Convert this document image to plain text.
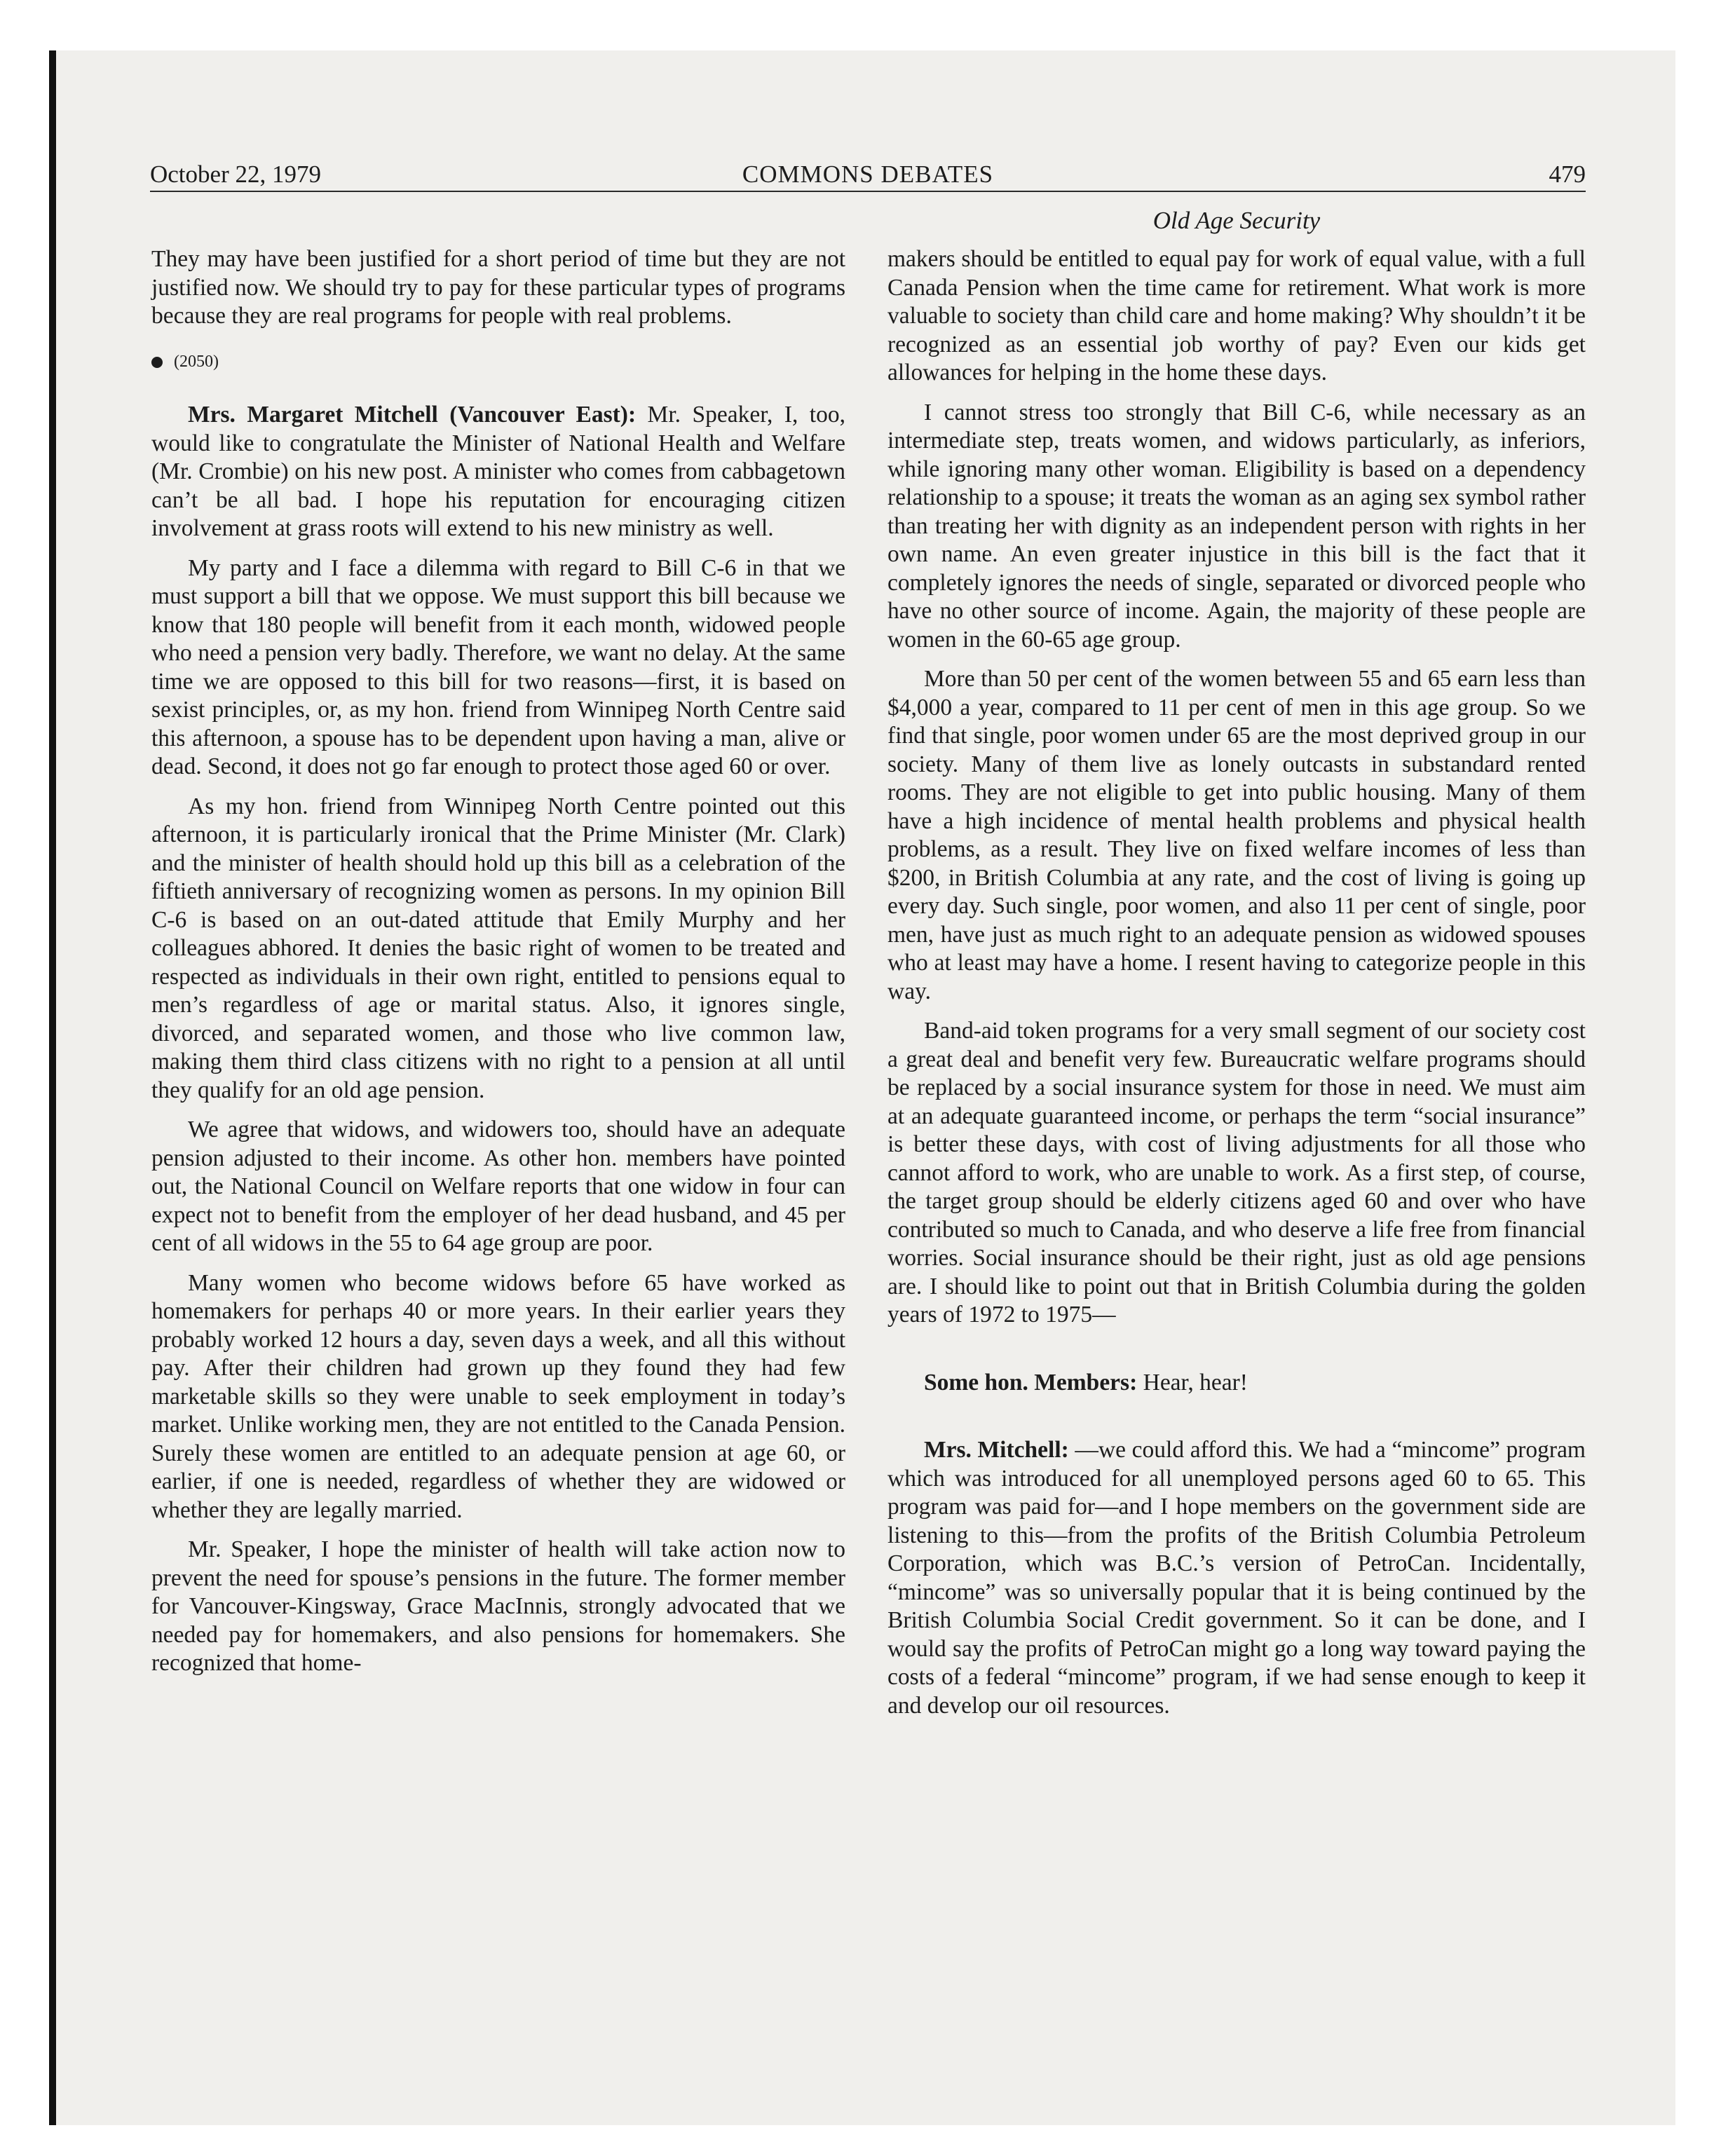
October 22, 1979	COMMONS DEBATES	479
Old Age Security

They may have been justified for a short period of time but they are not justified now. We should try to pay for these particular types of programs because they are real programs for people with real problems.

(2050)

Mrs. Margaret Mitchell (Vancouver East): Mr. Speaker, I, too, would like to congratulate the Minister of National Health and Welfare (Mr. Crombie) on his new post. A minister who comes from cabbagetown can’t be all bad. I hope his reputation for encouraging citizen involvement at grass roots will extend to his new ministry as well.

My party and I face a dilemma with regard to Bill C-6 in that we must support a bill that we oppose. We must support this bill because we know that 180 people will benefit from it each month, widowed people who need a pension very badly. Therefore, we want no delay. At the same time we are opposed to this bill for two reasons—first, it is based on sexist principles, or, as my hon. friend from Winnipeg North Centre said this afternoon, a spouse has to be dependent upon having a man, alive or dead. Second, it does not go far enough to protect those aged 60 or over.

As my hon. friend from Winnipeg North Centre pointed out this afternoon, it is particularly ironical that the Prime Minister (Mr. Clark) and the minister of health should hold up this bill as a celebration of the fiftieth anniversary of recognizing women as persons. In my opinion Bill C-6 is based on an out-dated attitude that Emily Murphy and her colleagues abhored. It denies the basic right of women to be treated and respected as individuals in their own right, entitled to pensions equal to men’s regardless of age or marital status. Also, it ignores single, divorced, and separated women, and those who live common law, making them third class citizens with no right to a pension at all until they qualify for an old age pension.

We agree that widows, and widowers too, should have an adequate pension adjusted to their income. As other hon. members have pointed out, the National Council on Welfare reports that one widow in four can expect not to benefit from the employer of her dead husband, and 45 per cent of all widows in the 55 to 64 age group are poor.

Many women who become widows before 65 have worked as homemakers for perhaps 40 or more years. In their earlier years they probably worked 12 hours a day, seven days a week, and all this without pay. After their children had grown up they found they had few marketable skills so they were unable to seek employment in today’s market. Unlike working men, they are not entitled to the Canada Pension. Surely these women are entitled to an adequate pension at age 60, or earlier, if one is needed, regardless of whether they are widowed or whether they are legally married.

Mr. Speaker, I hope the minister of health will take action now to prevent the need for spouse’s pensions in the future. The former member for Vancouver-Kingsway, Grace MacInnis, strongly advocated that we needed pay for homemakers, and also pensions for homemakers. She recognized that home-

makers should be entitled to equal pay for work of equal value, with a full Canada Pension when the time came for retirement. What work is more valuable to society than child care and home making? Why shouldn’t it be recognized as an essential job worthy of pay? Even our kids get allowances for helping in the home these days.

I cannot stress too strongly that Bill C-6, while necessary as an intermediate step, treats women, and widows particularly, as inferiors, while ignoring many other woman. Eligibility is based on a dependency relationship to a spouse; it treats the woman as an aging sex symbol rather than treating her with dignity as an independent person with rights in her own name. An even greater injustice in this bill is the fact that it completely ignores the needs of single, separated or divorced people who have no other source of income. Again, the majority of these people are women in the 60-65 age group.

More than 50 per cent of the women between 55 and 65 earn less than $4,000 a year, compared to 11 per cent of men in this age group. So we find that single, poor women under 65 are the most deprived group in our society. Many of them live as lonely outcasts in substandard rented rooms. They are not eligible to get into public housing. Many of them have a high incidence of mental health problems and physical health problems, as a result. They live on fixed welfare incomes of less than $200, in British Columbia at any rate, and the cost of living is going up every day. Such single, poor women, and also 11 per cent of single, poor men, have just as much right to an adequate pension as widowed spouses who at least may have a home. I resent having to categorize people in this way.

Band-aid token programs for a very small segment of our society cost a great deal and benefit very few. Bureaucratic welfare programs should be replaced by a social insurance system for those in need. We must aim at an adequate guaranteed income, or perhaps the term “social insurance” is better these days, with cost of living adjustments for all those who cannot afford to work, who are unable to work. As a first step, of course, the target group should be elderly citizens aged 60 and over who have contributed so much to Canada, and who deserve a life free from financial worries. Social insurance should be their right, just as old age pensions are. I should like to point out that in British Columbia during the golden years of 1972 to 1975—

Some hon. Members: Hear, hear!

Mrs. Mitchell: —we could afford this. We had a “mincome” program which was introduced for all unemployed persons aged 60 to 65. This program was paid for—and I hope members on the government side are listening to this—from the profits of the British Columbia Petroleum Corporation, which was B.C.’s version of PetroCan. Incidentally, “mincome” was so universally popular that it is being continued by the British Columbia Social Credit government. So it can be done, and I would say the profits of PetroCan might go a long way toward paying the costs of a federal “mincome” program, if we had sense enough to keep it and develop our oil resources.
